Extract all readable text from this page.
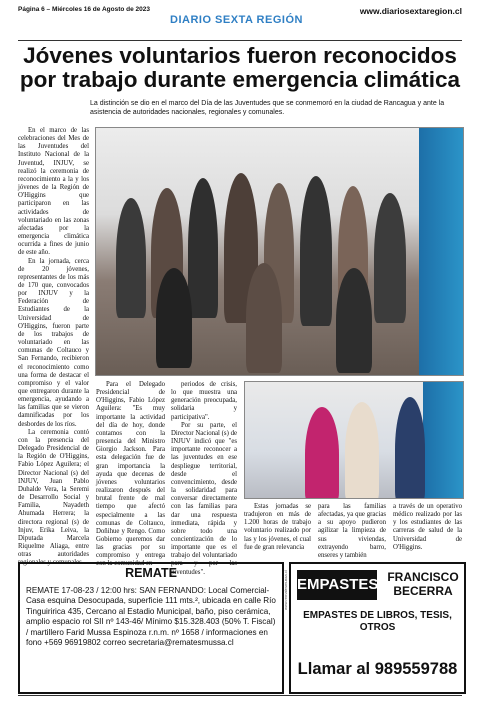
Página 6 – Miércoles 16 de Agosto de 2023
DIARIO SEXTA REGIÓN
www.diariosextaregion.cl
Jóvenes voluntarios fueron reconocidos por trabajo durante emergencia climática
La distinción se dio en el marco del Día de las Juventudes que se conmemoró en la ciudad de Rancagua y ante la asistencia de autoridades nacionales, regionales y comunales.

En el marco de las celebraciones del Mes de las Juventudes del Instituto Nacional de la Juventud, INJUV, se realizó la ceremonia de reconocimiento a la y los jóvenes de la Región de O'Higgins que participaron en las actividades de voluntariado en las zonas afectadas por la emergencia climática ocurrida a fines de junio de este año.

En la jornada, cerca de 20 jóvenes, representantes de los más de 170 que, convocados por INJUV y la Federación de Estudiantes de la Universidad de O'Higgins, fueron parte de los trabajos de voluntariado en las comunas de Coltauco y San Fernando, recibieron el reconocimiento como una forma de destacar el compromiso y el valor que entregaron durante la emergencia, ayudando a las familias que se vieron damnificadas por los desbordes de los ríos.

La ceremonia contó con la presencia del Delegado Presidencial de la Región de O'Higgins, Fabio López Aguilera; el Director Nacional (s) del INJUV, Juan Pablo Duhalde Vera, la Seremi de Desarrollo Social y Familia, Nayadeth Ahumada Herrera; la directora regional (s) de Injuv, Erika Leiva, la Diputada Marcela Riquelme Aliaga, entre otras autoridades regionales y comunales.

Para el Delegado Presidencial de O'Higgins, Fabio López Aguilera: "Es muy importante la actividad del día de hoy, donde contamos con la presencia del Ministro Giorgio Jackson. Para esta delegación fue de gran importancia la ayuda que decenas de jóvenes voluntarios realizaron después del brutal frente de mal tiempo que afectó especialmente a las comunas de Coltauco, Doñihue y Rengo. Como Gobierno queremos dar las gracias por su compromiso y entrega con la comunidad en

periodos de crisis, lo que muestra una generación preocupada, solidaria y participativa".

Por su parte, el Director Nacional (s) de INJUV indicó que "es importante reconocer a las juventudes en ese despliegue territorial, desde el convencimiento, desde la solidaridad para conversar directamente con las familias para dar una respuesta inmediata, rápida y sobre todo una concientización de lo importante que es el trabajo del voluntariado para y por las juventudes".

Estas jornadas se tradujeron en más de 1.200 horas de trabajo voluntario realizado por las y los jóvenes, el cual fue de gran relevancia

para las familias afectadas, ya que gracias a su apoyo pudieron agilizar la limpieza de sus viviendas, extrayendo barro, enseres y también

a través de un operativo médico realizado por las y los estudiantes de las carreras de salud de la Universidad de O'Higgins.

REMATE
REMATE 17-08-23 / 12:00 hrs: SAN FERNANDO: Local Comercial- Casa esquina Desocupada, superficie 111 mts.², ubicada en calle Río Tinguiririca 435, Cercano al Estadio Municipal, baño, piso cerámica, amplio espacio rol SII nº 143-46/ Mínimo $15.328.403 (50% T. Fiscal) / martillero Farid Mussa Espinoza r.n.m. nº 1658 / informaciones en fono +569 96919802 correo secretaria@rematesmussa.cl
www.rematesmussa.cl EMPASTES FRANCISCO BECERRA
EMPASTES DE LIBROS, TESIS, OTROS
Llamar al 989559788
